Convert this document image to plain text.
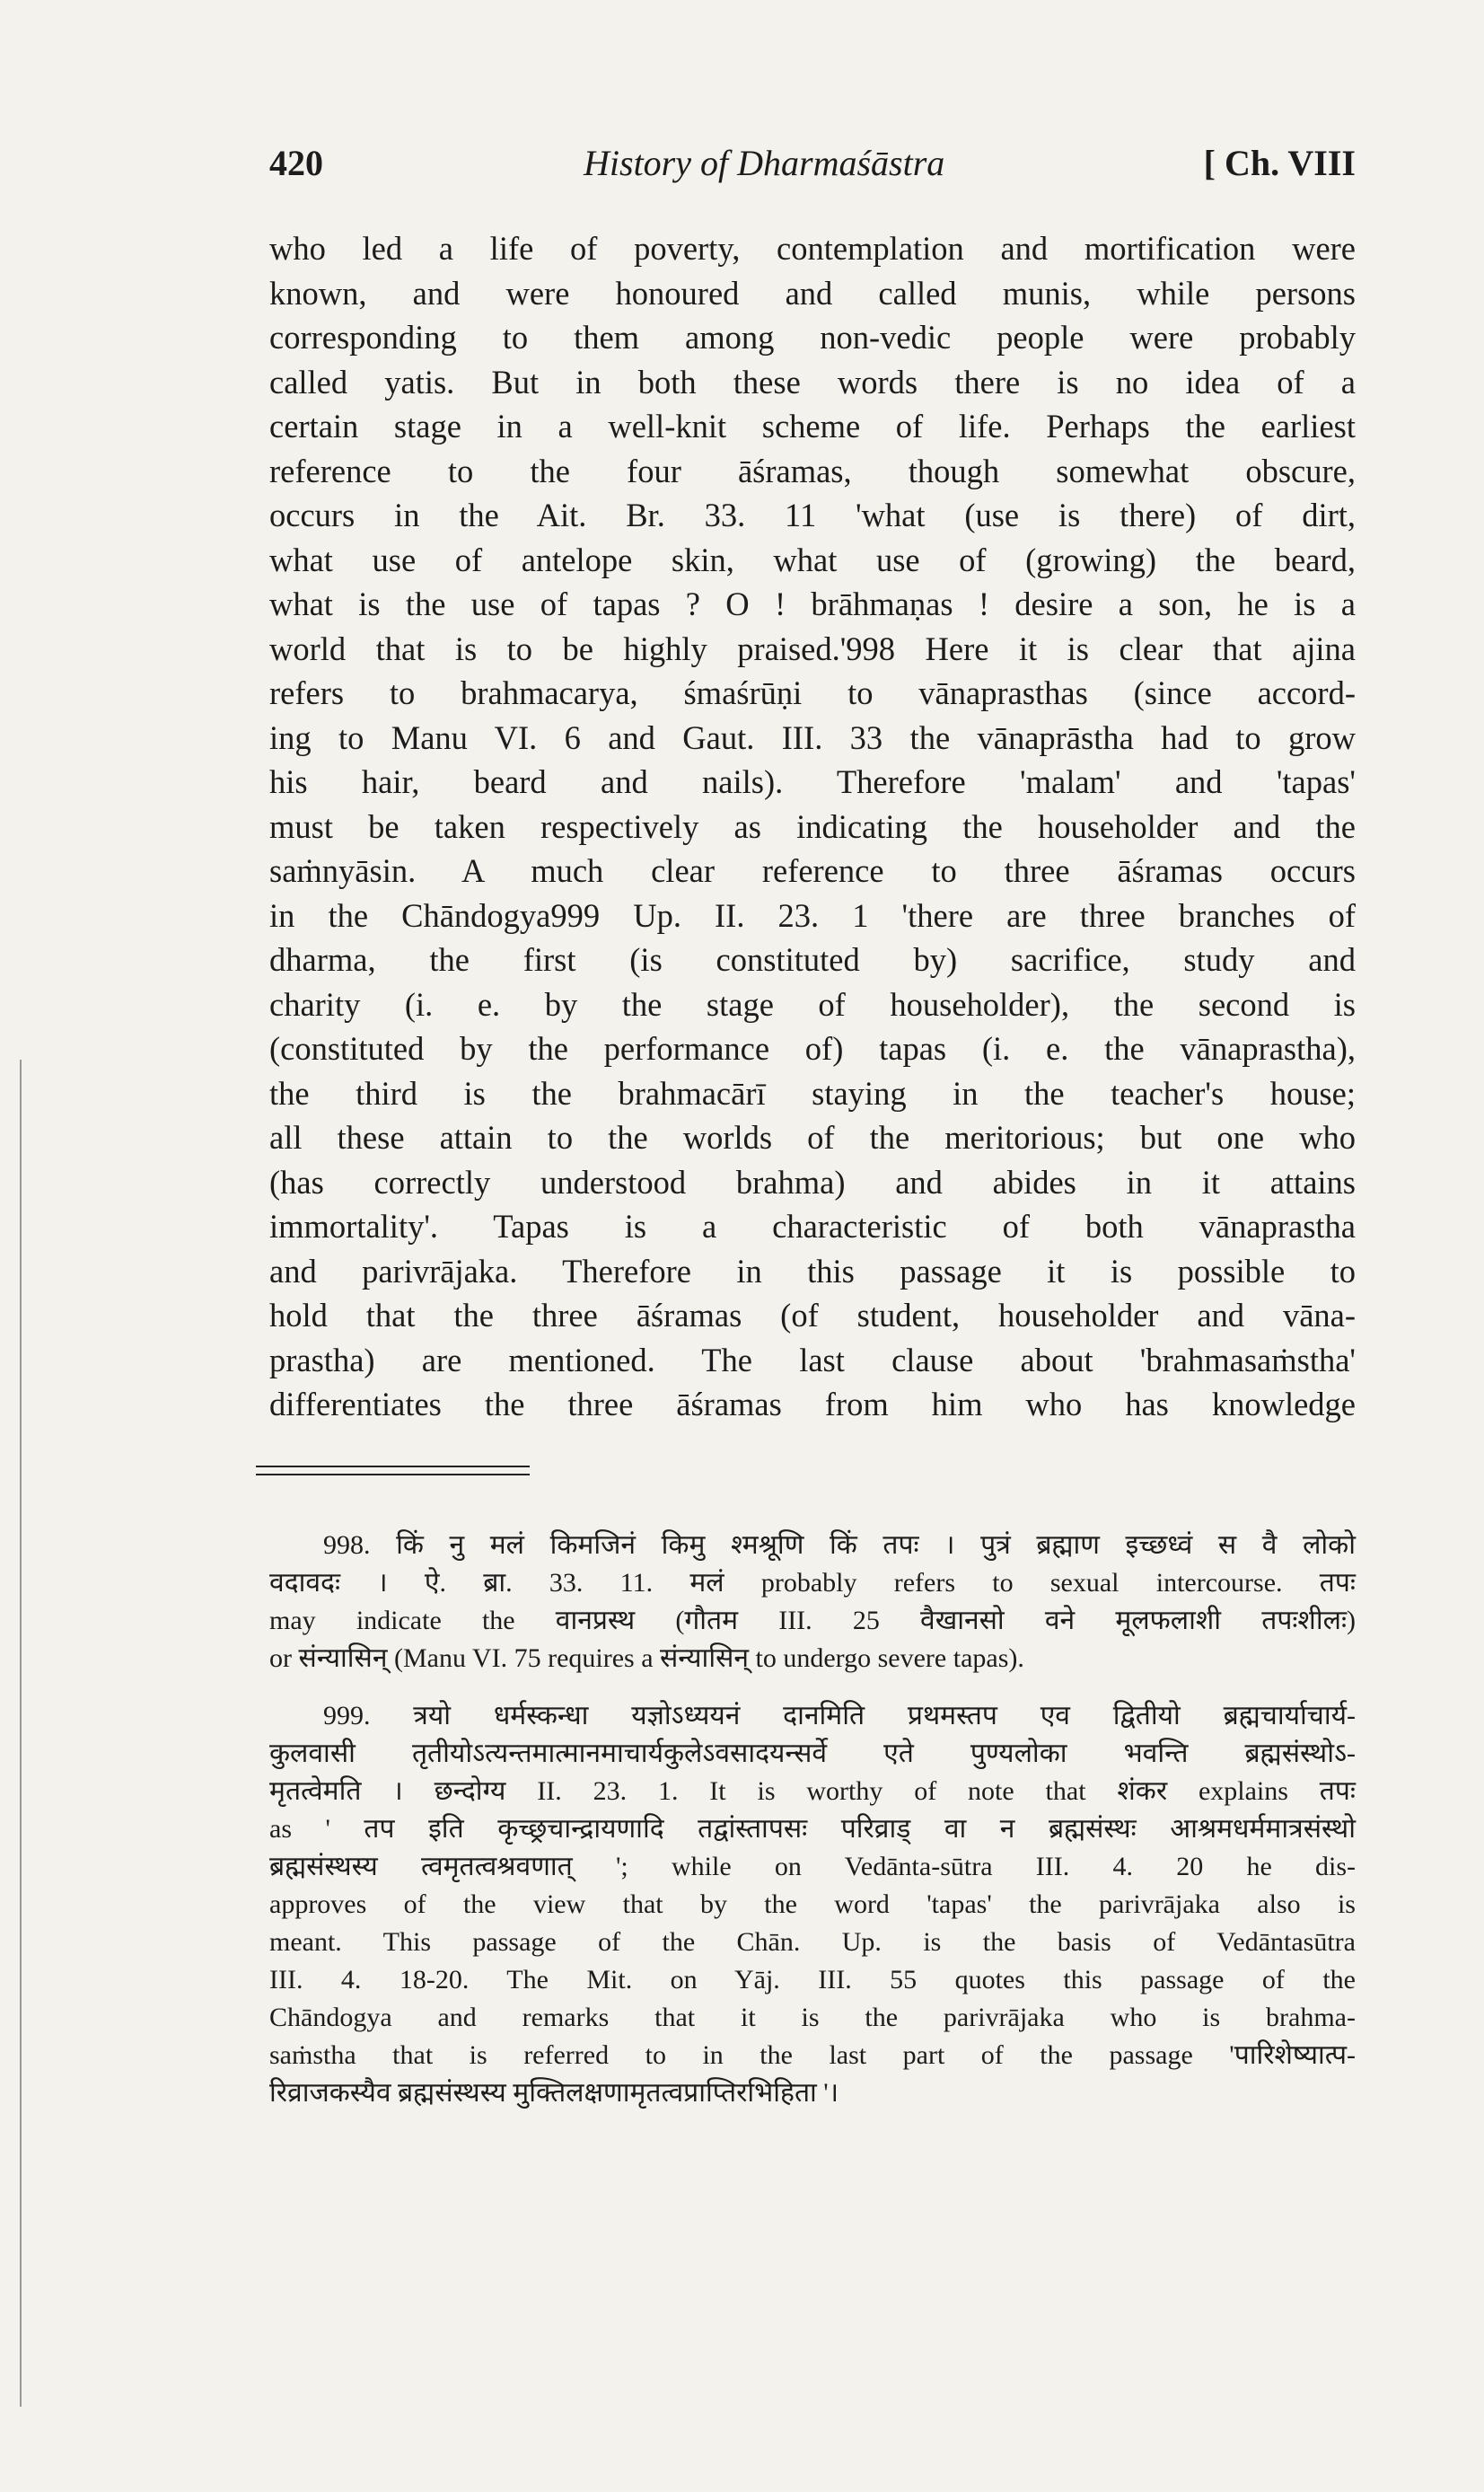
420	History of Dharmaśāstra	[ Ch. VIII

who led a life of poverty, contemplation and mortification were
known, and were honoured and called munis, while persons
corresponding to them among non-vedic people were probably
called yatis. But in both these words there is no idea of a
certain stage in a well-knit scheme of life. Perhaps the earliest
reference to the four āśramas, though somewhat obscure,
occurs in the Ait. Br. 33. 11 'what (use is there) of dirt,
what use of antelope skin, what use of (growing) the beard,
what is the use of tapas ? O ! brāhmaṇas ! desire a son, he is a
world that is to be highly praised.'998 Here it is clear that ajina
refers to brahmacarya, śmaśrūṇi to vānaprasthas (since accord-
ing to Manu VI. 6 and Gaut. III. 33 the vānaprāstha had to grow
his hair, beard and nails). Therefore 'malam' and 'tapas'
must be taken respectively as indicating the householder and the
saṁnyāsin. A much clear reference to three āśramas occurs
in the Chāndogya999 Up. II. 23. 1 'there are three branches of
dharma, the first (is constituted by) sacrifice, study and
charity (i. e. by the stage of householder), the second is
(constituted by the performance of) tapas (i. e. the vānaprastha),
the third is the brahmacārī staying in the teacher's house;
all these attain to the worlds of the meritorious; but one who
(has correctly understood brahma) and abides in it attains
immortality'. Tapas is a characteristic of both vānaprastha
and parivrājaka. Therefore in this passage it is possible to
hold that the three āśramas (of student, householder and vāna-
prastha) are mentioned. The last clause about 'brahmasaṁstha'
differentiates the three āśramas from him who has knowledge

998. किं नु मलं किमजिनं किमु श्मश्रूणि किं तपः । पुत्रं ब्रह्माण इच्छध्वं स वै लोको
वदावदः । ऐ. ब्रा. 33. 11. मलं probably refers to sexual intercourse. तपः
may indicate the वानप्रस्थ (गौतम III. 25 वैखानसो वने मूलफलाशी तपःशीलः)
or संन्यासिन् (Manu VI. 75 requires a संन्यासिन् to undergo severe tapas).
999. त्रयो धर्मस्कन्धा यज्ञोऽध्ययनं दानमिति प्रथमस्तप एव द्वितीयो ब्रह्मचार्याचार्य-
कुलवासी तृतीयोऽत्यन्तमात्मानमाचार्यकुलेऽवसादयन्सर्वे एते पुण्यलोका भवन्ति ब्रह्मसंस्थोऽ-
मृतत्वेमति । छन्दोग्य II. 23. 1. It is worthy of note that शंकर explains तपः
as ' तप इति कृच्छ्रचान्द्रायणादि तद्वांस्तापसः परिव्राड् वा न ब्रह्मसंस्थः आश्रमधर्ममात्रसंस्थो
ब्रह्मसंस्थस्य त्वमृतत्वश्रवणात् '; while on Vedānta-sūtra III. 4. 20 he dis-
approves of the view that by the word 'tapas' the parivrājaka also is
meant. This passage of the Chān. Up. is the basis of Vedāntasūtra
III. 4. 18-20. The Mit. on Yāj. III. 55 quotes this passage of the
Chāndogya and remarks that it is the parivrājaka who is brahma-
saṁstha that is referred to in the last part of the passage 'पारिशेष्यात्प-
रिव्राजकस्यैव ब्रह्मसंस्थस्य मुक्तिलक्षणामृतत्वप्राप्तिरभिहिता '।
